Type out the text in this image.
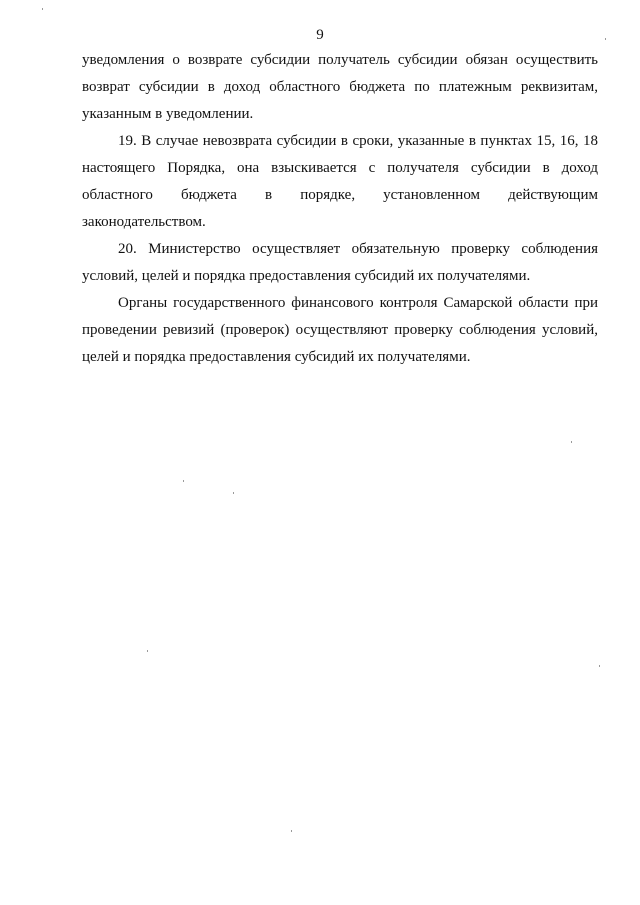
9

уведомления о возврате субсидии получатель субсидии обязан осуществить возврат субсидии в доход областного бюджета по платежным реквизитам, указанным в уведомлении.

19. В случае невозврата субсидии в сроки, указанные в пунктах 15, 16, 18 настоящего Порядка, она взыскивается с получателя субсидии в доход областного бюджета в порядке, установленном действующим законодательством.

20. Министерство осуществляет обязательную проверку соблюдения условий, целей и порядка предоставления субсидий их получателями.

Органы государственного финансового контроля Самарской области при проведении ревизий (проверок) осуществляют проверку соблюдения условий, целей и порядка предоставления субсидий их получателями.
